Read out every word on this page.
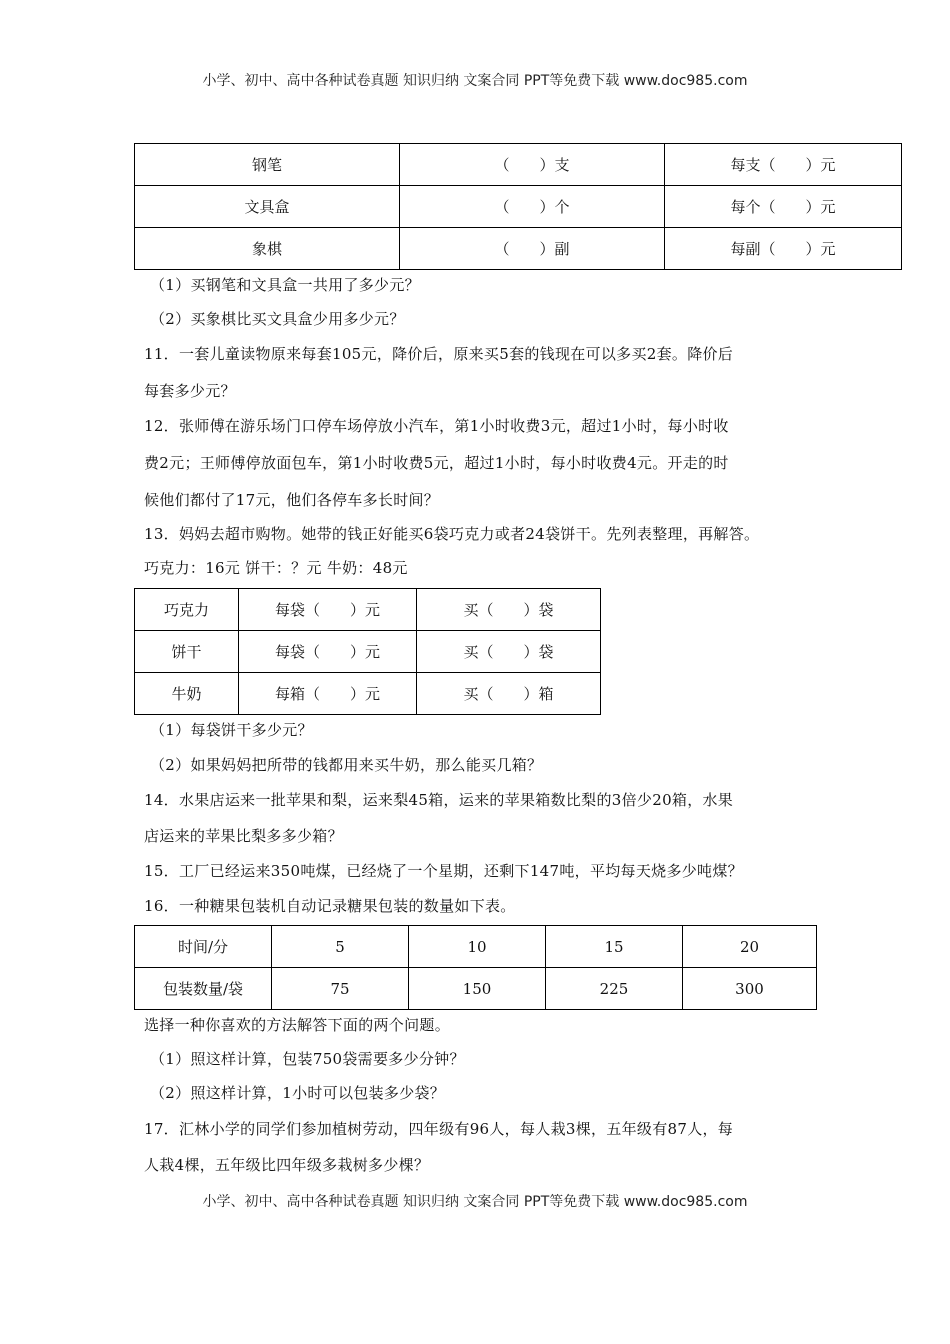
小学、初中、高中各种试卷真题 知识归纳 文案合同 PPT等免费下载 www.doc985.com
钢笔	（　　）支	每支（　　）元
文具盒	（　　）个	每个（　　）元
象棋	（　　）副	每副（　　）元
（1）买钢笔和文具盒一共用了多少元？
（2）买象棋比买文具盒少用多少元？
11．一套儿童读物原来每套105元，降价后，原来买5套的钱现在可以多买2套。降价后
每套多少元？
12．张师傅在游乐场门口停车场停放小汽车，第1小时收费3元，超过1小时，每小时收
费2元；王师傅停放面包车，第1小时收费5元，超过1小时，每小时收费4元。开走的时
候他们都付了17元，他们各停车多长时间？
13．妈妈去超市购物。她带的钱正好能买6袋巧克力或者24袋饼干。先列表整理，再解答。
巧克力：16元 饼干：？元 牛奶：48元
巧克力	每袋（　　）元	买（　　）袋
饼干	每袋（　　）元	买（　　）袋
牛奶	每箱（　　）元	买（　　）箱
（1）每袋饼干多少元？
（2）如果妈妈把所带的钱都用来买牛奶，那么能买几箱？
14．水果店运来一批苹果和梨，运来梨45箱，运来的苹果箱数比梨的3倍少20箱，水果
店运来的苹果比梨多多少箱？
15．工厂已经运来350吨煤，已经烧了一个星期，还剩下147吨，平均每天烧多少吨煤？
16．一种糖果包装机自动记录糖果包装的数量如下表。
时间/分	5	10	15	20
包装数量/袋	75	150	225	300
选择一种你喜欢的方法解答下面的两个问题。
（1）照这样计算，包装750袋需要多少分钟？
（2）照这样计算，1小时可以包装多少袋？
17．汇林小学的同学们参加植树劳动，四年级有96人，每人栽3棵，五年级有87人，每
人栽4棵，五年级比四年级多栽树多少棵？
小学、初中、高中各种试卷真题 知识归纳 文案合同 PPT等免费下载 www.doc985.com
